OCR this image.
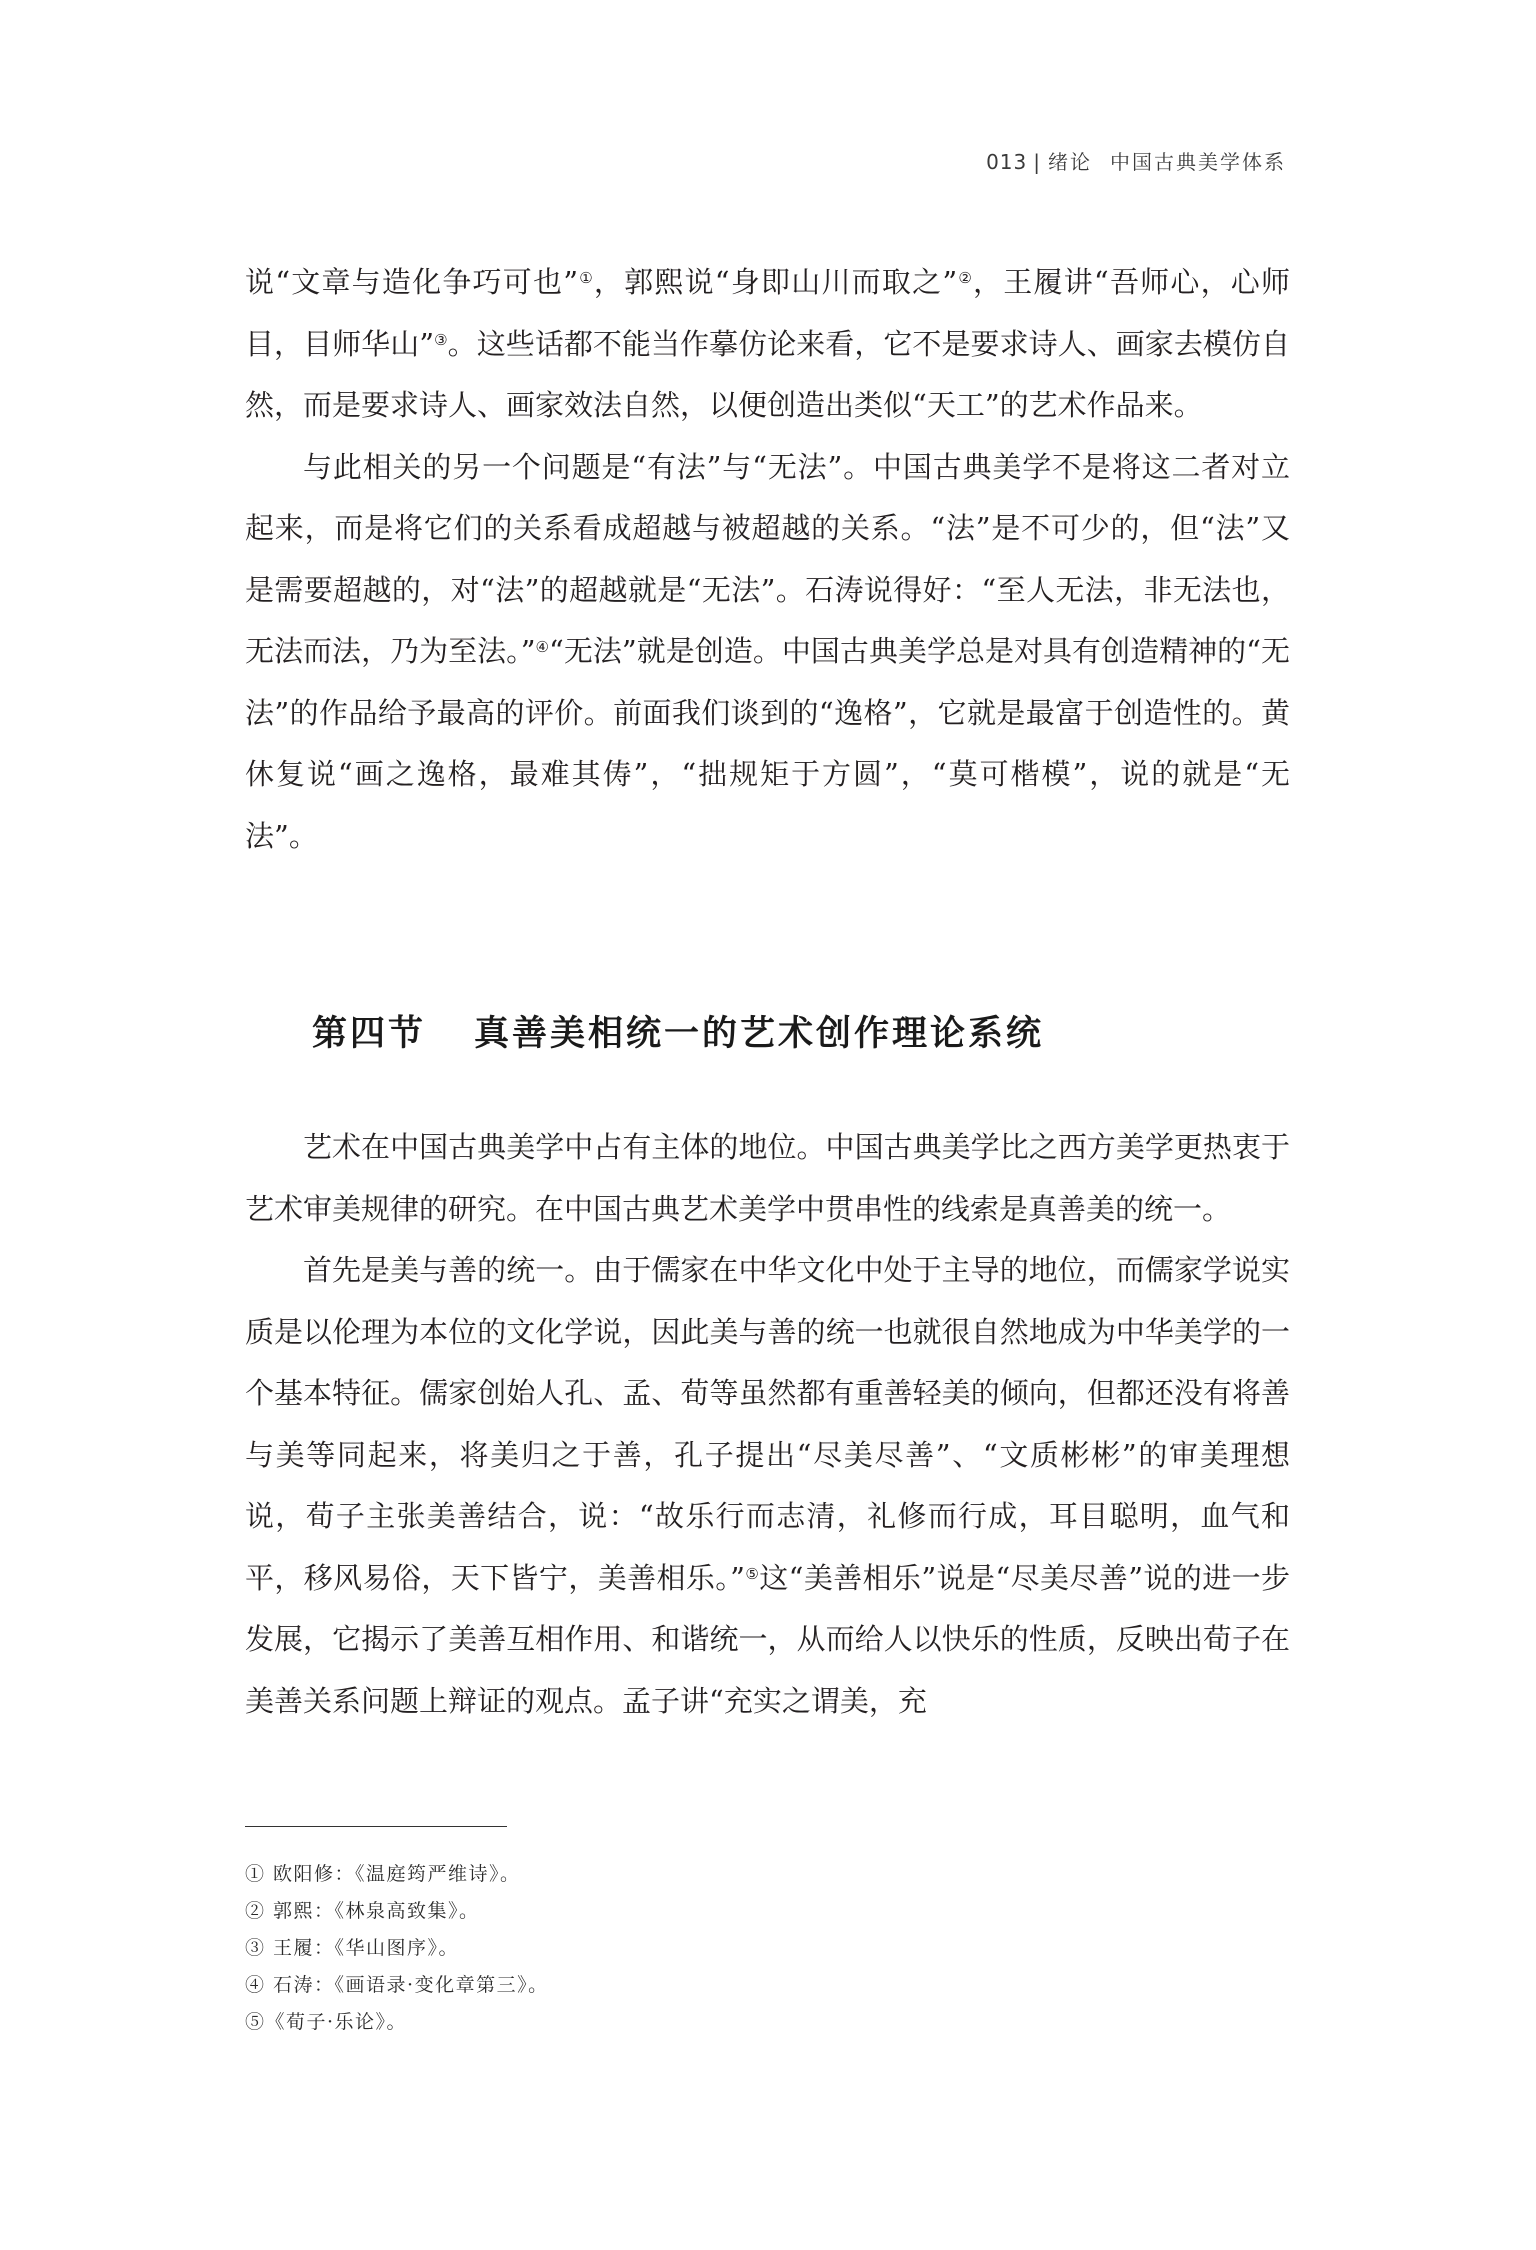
013 | 绪论 中国古典美学体系

说“文章与造化争巧可也”①，郭熙说“身即山川而取之”②，王履讲“吾师心，心师目，目师华山”③。这些话都不能当作摹仿论来看，它不是要求诗人、画家去模仿自然，而是要求诗人、画家效法自然，以便创造出类似“天工”的艺术作品来。

与此相关的另一个问题是“有法”与“无法”。中国古典美学不是将这二者对立起来，而是将它们的关系看成超越与被超越的关系。“法”是不可少的，但“法”又是需要超越的，对“法”的超越就是“无法”。石涛说得好：“至人无法，非无法也，无法而法，乃为至法。”④“无法”就是创造。中国古典美学总是对具有创造精神的“无法”的作品给予最高的评价。前面我们谈到的“逸格”，它就是最富于创造性的。黄休复说“画之逸格，最难其俦”，“拙规矩于方圆”，“莫可楷模”，说的就是“无法”。

第四节 真善美相统一的艺术创作理论系统

艺术在中国古典美学中占有主体的地位。中国古典美学比之西方美学更热衷于艺术审美规律的研究。在中国古典艺术美学中贯串性的线索是真善美的统一。

首先是美与善的统一。由于儒家在中华文化中处于主导的地位，而儒家学说实质是以伦理为本位的文化学说，因此美与善的统一也就很自然地成为中华美学的一个基本特征。儒家创始人孔、孟、荀等虽然都有重善轻美的倾向，但都还没有将善与美等同起来，将美归之于善，孔子提出“尽美尽善”、“文质彬彬”的审美理想说，荀子主张美善结合，说：“故乐行而志清，礼修而行成，耳目聪明，血气和平，移风易俗，天下皆宁，美善相乐。”⑤这“美善相乐”说是“尽美尽善”说的进一步发展，它揭示了美善互相作用、和谐统一，从而给人以快乐的性质，反映出荀子在美善关系问题上辩证的观点。孟子讲“充实之谓美，充

① 欧阳修：《温庭筠严维诗》。
② 郭熙：《林泉高致集》。
③ 王履：《华山图序》。
④ 石涛：《画语录·变化章第三》。
⑤《荀子·乐论》。
